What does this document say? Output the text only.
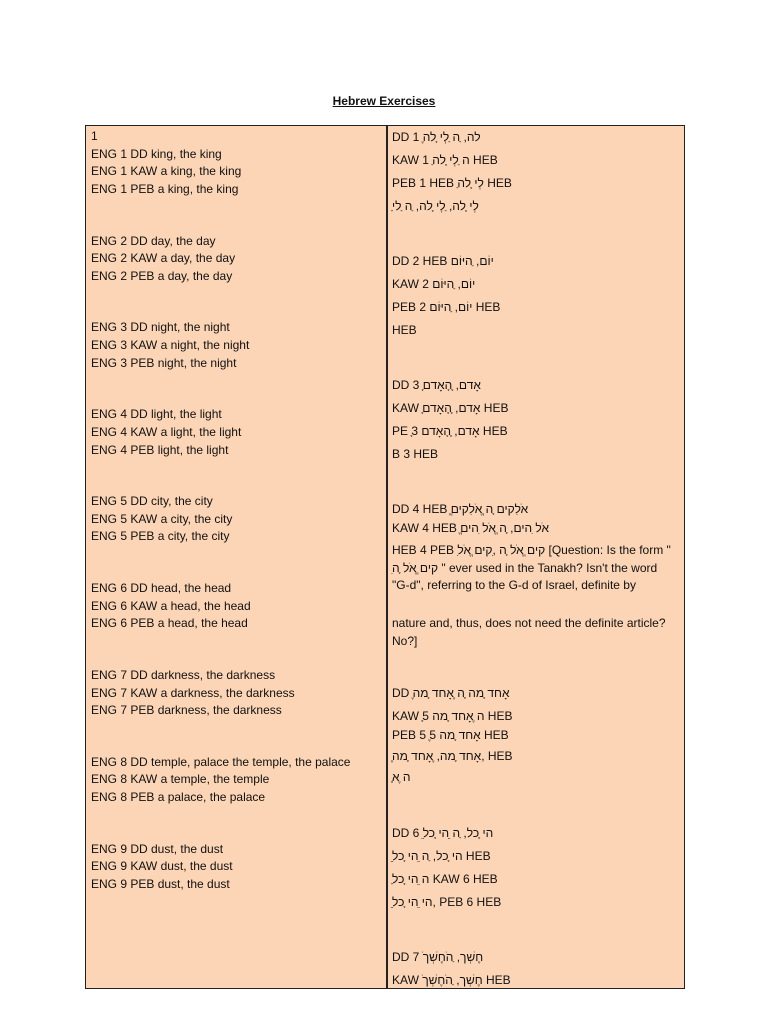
Hebrew Exercises
1
ENG 1 DD king, the king
ENG 1 KAW a king, the king
ENG 1 PEB a king, the king
ENG 2 DD day, the day
ENG 2 KAW a day, the day
ENG 2 PEB a day, the day
ENG 3 DD night, the night
ENG 3 KAW a night, the night
ENG 3 PEB night, the night
ENG 4 DD light, the light
ENG 4 KAW a light, the light
ENG 4 PEB light, the light
ENG 5 DD city, the city
ENG 5 KAW a city, the city
ENG 5 PEB a city, the city
ENG 6 DD head, the head
ENG 6 KAW a head, the head
ENG 6 PEB a head, the head
ENG 7 DD darkness, the darkness
ENG 7 KAW a darkness, the darkness
ENG 7 PEB darkness, the darkness
ENG 8 DD temple, palace the temple, the palace
ENG 8 KAW a temple, the temple
ENG 8 PEB a palace, the palace
ENG 9 DD dust, the dust
ENG 9 KAW dust, the dust
ENG 9 PEB dust, the dust
DD 1 ֶלה, ַה ַלְי ָלה
KAW 1 ַה ַלְי ָלה HEB
PEB 1 HEB ַלְי ָלה HEB
ַלְי ָלה, ַלְי ָלה, ַה ַלי
DD 2 HEB יוֹם, ַהיּוֹם
KAW 2 יוֹם, ַהיּוֹם
PEB 2 יוֹם, ַהיּוֹם HEB
HEB
DD 3 ָאָדם, ָהָאָדם
KAW ָאָדם, ָהָאָדם HEB
PE ָאָדם, ָהָאָדם 3 HEB
B 3 HEB
DD 4 HEB ֱאֹלִקים ָה ֱאֹלִקים
KAW 4 HEB ֱאֹל ִהים, ָה ֱאֹל ִהים
HEB 4 PEB ִקים ֱאֹל ָה ,ִקים ֱאֹל [Question: Is the form " ִקים ֱאֹל ָה " ever used in the Tanakh? Isn't the word "G-d", referring to the G-d of Israel, definite by
nature and, thus, does not need the definite article? No?]
DD ֶאָחד ָמה ָה ֶאָחד ָמה
KAW ָה ֶאָחד ָמה 5 HEB
PEB 5 ֶאָחד ָמה 5 HEB
ֶאָחד ָמה, ֶאָחד ָמה, HEB
ָה ֶא
DD 6 ֵהי ָכל, ַה ֵהי ָכל
ֵהי ָכל, ַה ֵהי ָכל HEB
ַה ֵהי ָכל KAW 6 HEB
ֵהי ֵהי ָכל, PEB 6 HEB
DD 7 ֹחֶשְׁך, ַהֹחֶשְׁך
KAW ֹחֶשְׁך, ַהֹחֶשְׁך HEB
